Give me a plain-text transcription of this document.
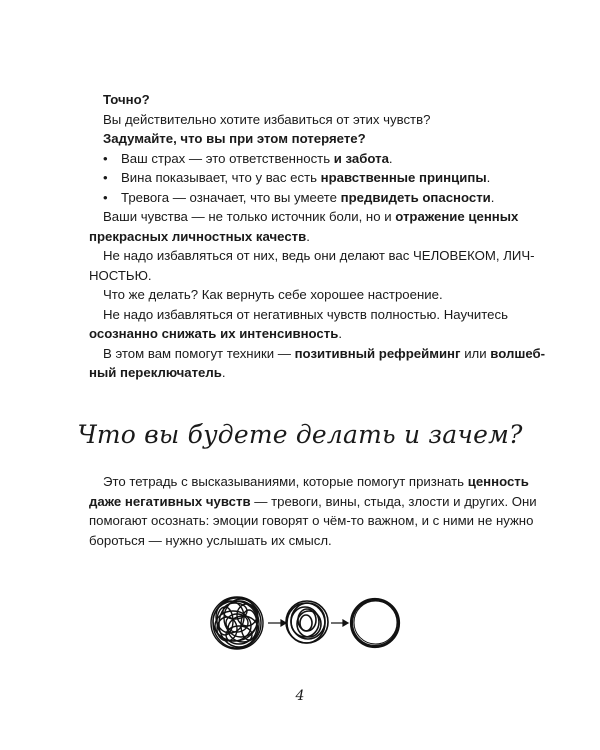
Точно?
Вы действительно хотите избавиться от этих чувств?
Задумайте, что вы при этом потеряете?
•	Ваш страх — это ответственность и забота.
•	Вина показывает, что у вас есть нравственные принципы.
•	Тревога — означает, что вы умеете предвидеть опасности.
Ваши чувства — не только источник боли, но и отражение ценных
прекрасных личностных качеств.
Не надо избавляться от них, ведь они делают вас ЧЕЛОВЕКОМ, ЛИЧ-
НОСТЬЮ.
Что же делать? Как вернуть себе хорошее настроение.
Не надо избавляться от негативных чувств полностью. Научитесь
осознанно снижать их интенсивность.
В этом вам помогут техники — позитивный рефрейминг или волшеб-
ный переключатель.
Что вы будете делать и зачем?
Это тетрадь с высказываниями, которые помогут признать ценность
даже негативных чувств — тревоги, вины, стыда, злости и других. Они
помогают осознать: эмоции говорят о чём-то важном, и с ними не нужно
бороться — нужно услышать их смысл.
4
